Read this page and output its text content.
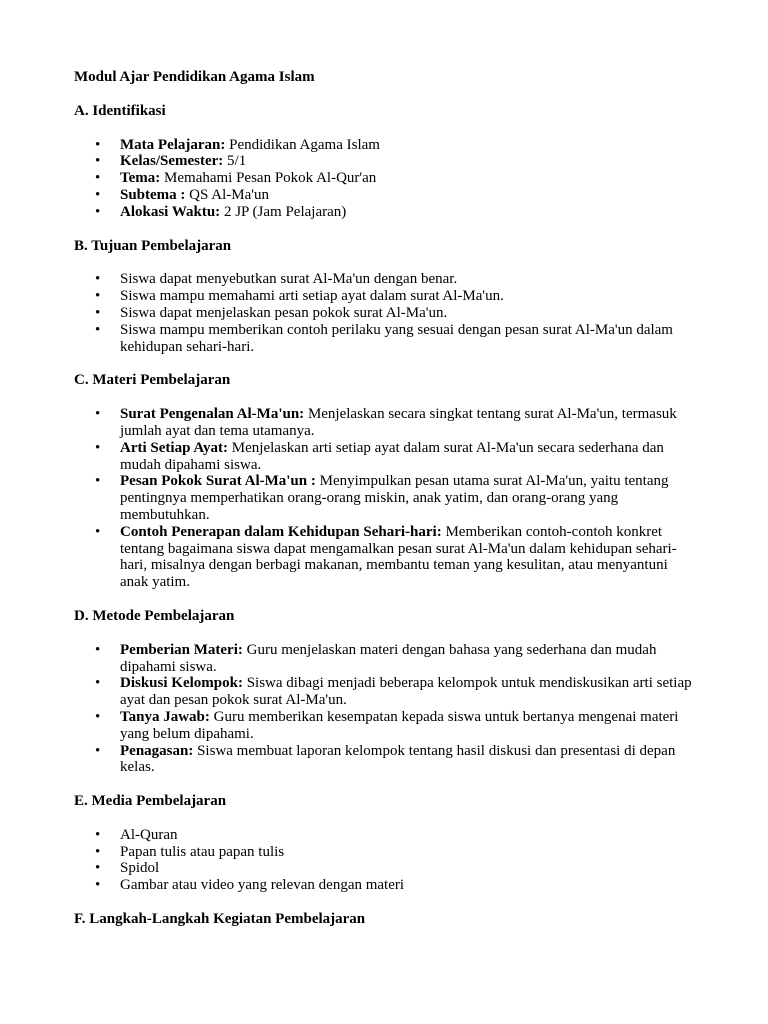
Modul Ajar Pendidikan Agama Islam

A. Identifikasi

• Mata Pelajaran: Pendidikan Agama Islam
• Kelas/Semester: 5/1
• Tema: Memahami Pesan Pokok Al-Qur'an
• Subtema : QS Al-Ma'un
• Alokasi Waktu: 2 JP (Jam Pelajaran)

B. Tujuan Pembelajaran

• Siswa dapat menyebutkan surat Al-Ma'un dengan benar.
• Siswa mampu memahami arti setiap ayat dalam surat Al-Ma'un.
• Siswa dapat menjelaskan pesan pokok surat Al-Ma'un.
• Siswa mampu memberikan contoh perilaku yang sesuai dengan pesan surat Al-Ma'un dalam kehidupan sehari-hari.

C. Materi Pembelajaran

• Surat Pengenalan Al-Ma'un: Menjelaskan secara singkat tentang surat Al-Ma'un, termasuk jumlah ayat dan tema utamanya.
• Arti Setiap Ayat: Menjelaskan arti setiap ayat dalam surat Al-Ma'un secara sederhana dan mudah dipahami siswa.
• Pesan Pokok Surat Al-Ma'un : Menyimpulkan pesan utama surat Al-Ma'un, yaitu tentang pentingnya memperhatikan orang-orang miskin, anak yatim, dan orang-orang yang membutuhkan.
• Contoh Penerapan dalam Kehidupan Sehari-hari: Memberikan contoh-contoh konkret tentang bagaimana siswa dapat mengamalkan pesan surat Al-Ma'un dalam kehidupan sehari-hari, misalnya dengan berbagi makanan, membantu teman yang kesulitan, atau menyantuni anak yatim.

D. Metode Pembelajaran

• Pemberian Materi: Guru menjelaskan materi dengan bahasa yang sederhana dan mudah dipahami siswa.
• Diskusi Kelompok: Siswa dibagi menjadi beberapa kelompok untuk mendiskusikan arti setiap ayat dan pesan pokok surat Al-Ma'un.
• Tanya Jawab: Guru memberikan kesempatan kepada siswa untuk bertanya mengenai materi yang belum dipahami.
• Penagasan: Siswa membuat laporan kelompok tentang hasil diskusi dan presentasi di depan kelas.

E. Media Pembelajaran

• Al-Quran
• Papan tulis atau papan tulis
• Spidol
• Gambar atau video yang relevan dengan materi

F. Langkah-Langkah Kegiatan Pembelajaran
